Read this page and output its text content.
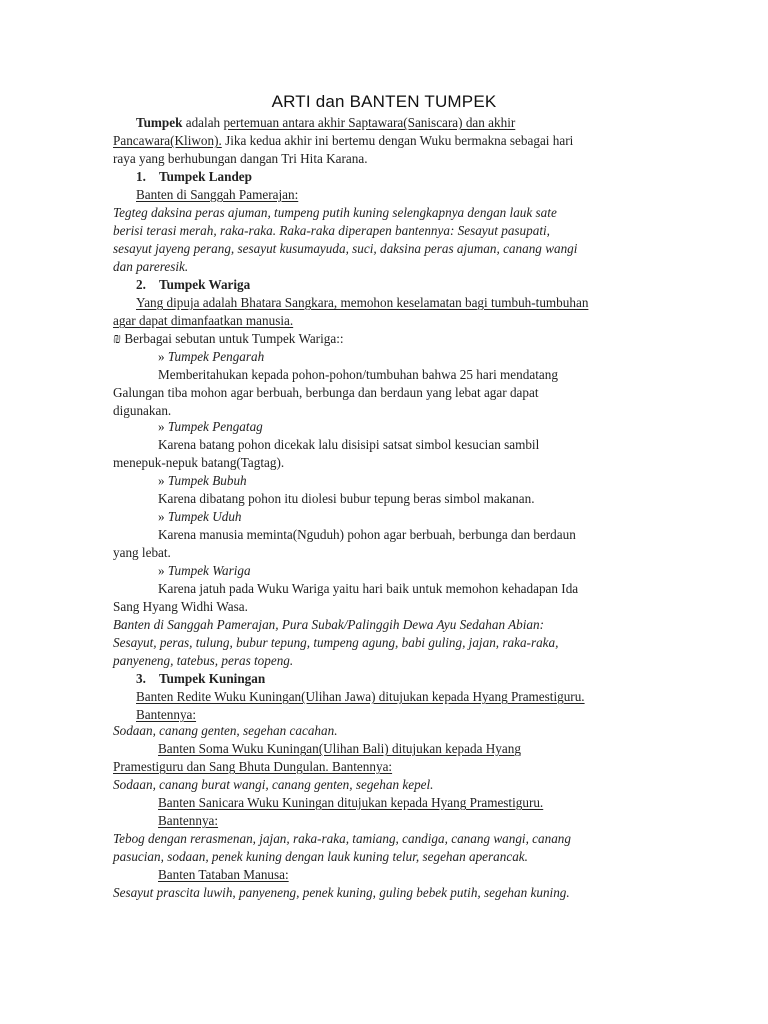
ARTI dan BANTEN TUMPEK
Tumpek adalah pertemuan antara akhir Saptawara(Saniscara) dan akhir
Pancawara(Kliwon). Jika kedua akhir ini bertemu dengan Wuku bermakna sebagai hari
raya yang berhubungan dangan Tri Hita Karana.
1. Tumpek Landep
Banten di Sanggah Pamerajan:
Tegteg daksina peras ajuman, tumpeng putih kuning selengkapnya dengan lauk sate
berisi terasi merah, raka-raka. Raka-raka diperapen bantennya: Sesayut pasupati,
sesayut jayeng perang, sesayut kusumayuda, suci, daksina peras ajuman, canang wangi
dan pareresik.
2. Tumpek Wariga
Yang dipuja adalah Bhatara Sangkara, memohon keselamatan bagi tumbuh-tumbuhan
agar dapat dimanfaatkan manusia.
₪ Berbagai sebutan untuk Tumpek Wariga::
» Tumpek Pengarah
Memberitahukan kepada pohon-pohon/tumbuhan bahwa 25 hari mendatang
Galungan tiba mohon agar berbuah, berbunga dan berdaun yang lebat agar dapat
digunakan.
» Tumpek Pengatag
Karena batang pohon dicekak lalu disisipi satsat simbol kesucian sambil
menepuk-nepuk batang(Tagtag).
» Tumpek Bubuh
Karena dibatang pohon itu diolesi bubur tepung beras simbol makanan.
» Tumpek Uduh
Karena manusia meminta(Nguduh) pohon agar berbuah, berbunga dan berdaun
yang lebat.
» Tumpek Wariga
Karena jatuh pada Wuku Wariga yaitu hari baik untuk memohon kehadapan Ida
Sang Hyang Widhi Wasa.
Banten di Sanggah Pamerajan, Pura Subak/Palinggih Dewa Ayu Sedahan Abian:
Sesayut, peras, tulung, bubur tepung, tumpeng agung, babi guling, jajan, raka-raka,
panyeneng, tatebus, peras topeng.
3. Tumpek Kuningan
Banten Redite Wuku Kuningan(Ulihan Jawa) ditujukan kepada Hyang Pramestiguru.
Bantennya:
Sodaan, canang genten, segehan cacahan.
Banten Soma Wuku Kuningan(Ulihan Bali) ditujukan kepada Hyang
Pramestiguru dan Sang Bhuta Dungulan. Bantennya:
Sodaan, canang burat wangi, canang genten, segehan kepel.
Banten Sanicara Wuku Kuningan ditujukan kepada Hyang Pramestiguru.
Bantennya:
Tebog dengan rerasmenan, jajan, raka-raka, tamiang, candiga, canang wangi, canang
pasucian, sodaan, penek kuning dengan lauk kuning telur, segehan aperancak.
Banten Tataban Manusa:
Sesayut prascita luwih, panyeneng, penek kuning, guling bebek putih, segehan kuning.
